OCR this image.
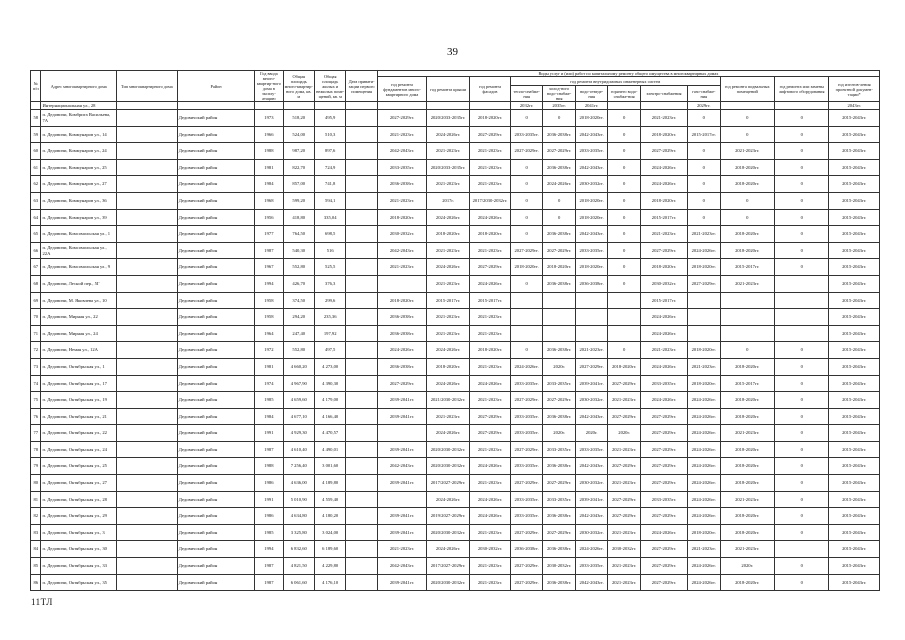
39
№ п/п	Адрес многоквартирного дома	Тип многоквартирного дома	Район	Год ввода много-квартир-ного дома в эксплу-атацию	Общая площадь много-квартир-ного дома, кв. м	Общая площадь жилых и нежилых поме-щений, кв. м	Дата привати-зации первого помещения	Виды услуг и (или) работ по капитальному ремонту общего имущества в многоквартирных домах											
								год ремонта фундаментов много-квартирного дома	год ремонта крыши	год ремонта фасадов	год ремонта внутридомовых инженерных систем						год ремонта подвальных помещений	год ремонта или замены лифтового оборудования	год изготов-ления проектной докумен-тации*
											тепло-снабже-ния	холод-ного водо-снабже-ния	водо-отведе-ния	горячего водо-снабже-ния	электро-снабжения	газо-снабже-ния			
	Интернациональная ул., 28										2032гг.	2035гг.	2041гг.			2029гг.			2043гг.
58	п. Дедовичи, Комбрига Васильева, 7А		Дедовичский район	1973	518,20	495,9		2027-2029гг.	2020/2033-2035гг.	2018-2020гг.	0	0	2018-2020гг.	0	2021-2023гг.	0	0	0	2015-2043гг.
59	п. Дедовичи, Коммунаров ул., 14		Дедовичский район	1966	524,00	510,3		2021-2023гг.	2024-2026гг.	2027-2029гг.	2033-2035гг.	2036-2038гг.	2042-2043гг.	0	2018-2020гг.	2015-2017гг.	0	0	2015-2043гг.
60	п. Дедовичи, Коммунаров ул., 24		Дедовичский район	1988	987,20	897,6		2042-2043гг.	2021-2023гг.	2021-2023гг.	2027-2029гг.	2027-2029гг.	2033-2035гг.	0	2027-2029гг.	0	2021-2023гг.	0	2015-2043гг.
61	п. Дедовичи, Коммунаров ул., 25		Дедовичский район	1981	822,70	724,9		2033-2035гг.	2020/2033-2035гг.	2021-2023гг.	0	2036-2038гг.	2042-2043гг.	0	2024-2026гг.	0	2018-2020гг.	0	2015-2043гг.
62	п. Дедовичи, Коммунаров ул., 27		Дедовичский район	1984	857,00	741,8		2036-2038гг.	2021-2023гг.	2021-2023гг.	0	2024-2026гг.	2030-2032гг.	0	2024-2026гг.	0	2018-2020гг.	0	2015-2043гг.
63	п. Дедовичи, Коммунаров ул., 36		Дедовичский район	1968	599,20	594,1		2021-2023гг.	2017г.	2017/2030-2032гг.	0	0	2018-2020гг.	0	2018-2020гг.	0	0	0	2015-2043гг.
64	п. Дедовичи, Коммунаров ул., 39		Дедовичский район	1956	418,80	335,04		2018-2020гг.	2024-2026гг.	2024-2026гг.	0	0	2018-2020гг.	0	2015-2017гг.	0	0	0	2015-2043гг.
65	п. Дедовичи, Комсомольская ул., 1		Дедовичский район	1977	764,50	698,5		2030-2032гг.	2018-2020гг.	2018-2020гг.	0	2036-2038гг.	2042-2043гг.	0	2021-2023гг.	2021-2023гг.	2018-2020гг.	0	2015-2043гг.
66	п. Дедовичи, Комсомольская ул., 22А		Дедовичский район	1987	540,30	516		2042-2043гг.	2021-2023гг.	2021-2023гг.	2027-2029гг.	2027-2029гг.	2033-2035гг.	0	2027-2029гг.	2024-2026гг.	2018-2020гг.	0	2015-2043гг.
67	п. Дедовичи, Комсомольская ул., 9		Дедовичский район	1967	552,80	525,5		2021-2023гг.	2024-2026гг.	2027-2029гг.	2018-2020гг.	2018-2020гг.	2018-2020гг.	0	2018-2020гг.	2018-2020гг.	2015-2017гг.	0	2015-2043гг.
68	п. Дедовичи, Лесной пер., 5Г		Дедовичский район	1994	426,70	376,3			2021-2023гг.	2024-2026гг.	0	2036-2038гг.	2036-2038гг.	0	2030-2032гг.	2027-2029гг.	2021-2023гг.		2015-2043гг.
69	п. Дедовичи, М. Яковлева ул., 10		Дедовичский район	1958	374,50	299,6		2018-2020гг.	2015-2017гг.	2015-2017гг.					2015-2017гг.				2015-2043гг.
70	п. Дедовичи, Мирная ул., 22		Дедовичский район	1958	294,20	235,36		2036-2038гг.	2021-2023гг.	2021-2023гг.					2024-2026гг.				2015-2043гг.
71	п. Дедовичи, Мирная ул., 24		Дедовичский район	1964	247,40	197,92		2036-2038гг.	2021-2023гг.	2021-2023гг.					2024-2026гг.				2015-2043гг.
72	п. Дедовичи, Немая ул., 12А		Дедовичский район	1972	552,80	497,5		2024-2026гг.	2024-2026гг.	2018-2020гг.	0	2036-2038гг.	2021-2023гг.	0	2021-2023гг.	2018-2020гг.	0	0	2015-2043гг.
73	п. Дедовичи, Октябрьская ул., 1		Дедовичский район	1981	4 660,20	4 273,00		2036-2038гг.	2018-2020гг.	2021-2023гг.	2024-2026гг.	2020г.	2027-2029гг.	2018-2020гг.	2024-2026гг.	2021-2023гг.	2018-2020гг.	0	2015-2043гг.
74	п. Дедовичи, Октябрьская ул., 17		Дедовичский район	1974	4 967,90	4 390,30		2027-2029гг.	2024-2026гг.	2024-2026гг.	2033-2035гг.	2033-2035гг.	2039-2041гг.	2027-2029гг.	2033-2035гг.	2018-2020гг.	2015-2017гг.	0	2015-2043гг.
75	п. Дедовичи, Октябрьская ул., 19		Дедовичский район	1985	4 659,60	4 179,00		2039-2041гг.	2021/2030-2032гг.	2021-2023гг.	2027-2029гг.	2027-2029гг.	2030-2032гг.	2021-2023гг.	2024-2026гг.	2024-2026гг.	2018-2020гг.	0	2015-2043гг.
76	п. Дедовичи, Октябрьская ул., 21		Дедовичский район	1984	4 677,10	4 166,40		2039-2041гг.	2021-2023гг.	2027-2029гг.	2033-2035гг.	2036-2038гг.	2042-2043гг.	2027-2029гг.	2027-2029гг.	2024-2026гг.	2018-2020гг.	0	2015-2043гг.
77	п. Дедовичи, Октябрьская ул., 22		Дедовичский район	1991	4 929,30	4 470,57			2024-2026гг.	2027-2029гг.	2033-2035гг.	2020г.	2020г.	2020г.	2027-2029гг.	2024-2026гг.	2021-2023гг.	0	2015-2043гг.
78	п. Дедовичи, Октябрьская ул., 24		Дедовичский район	1987	4 610,40	4 490,01		2039-2041гг.	2020/2030-2032гг.	2021-2023гг.	2027-2029гг.	2033-2035гг.	2033-2035гг.	2021-2023гг.	2027-2029гг.	2024-2026гг.	2018-2020гг.	0	2015-2043гг.
79	п. Дедовичи, Октябрьская ул., 25		Дедовичский район	1988	7 256,40	3 001,60		2042-2043гг.	2020/2030-2032гг.	2024-2026гг.	2033-2035гг.	2036-2038гг.	2042-2043гг.	2027-2029гг.	2027-2029гг.	2024-2026гг.	2018-2020гг.	0	2015-2043гг.
80	п. Дедовичи, Октябрьская ул., 27		Дедовичский район	1986	4 636,00	4 189,80		2039-2041гг.	2017/2027-2029гг.	2021-2023гг.	2027-2029гг.	2027-2029гг.	2030-2032гг.	2021-2023гг.	2027-2029гг.	2024-2026гг.	2018-2020гг.	0	2015-2043гг.
81	п. Дедовичи, Октябрьская ул., 28		Дедовичский район	1991	5 010,90	4 559,40			2024-2026гг.	2024-2026гг.	2033-2035гг.	2033-2035гг.	2039-2041гг.	2027-2029гг.	2033-2035гг.	2024-2026гг.	2021-2023гг.	0	2015-2043гг.
82	п. Дедовичи, Октябрьская ул., 29		Дедовичский район	1986	4 634,80	4 180,20		2039-2041гг.	2019/2027-2029гг.	2024-2026гг.	2033-2035гг.	2036-2038гг.	2042-2043гг.	2027-2029гг.	2027-2029гг.	2024-2026гг.	2018-2020гг.	0	2015-2043гг.
83	п. Дедовичи, Октябрьская ул., 3		Дедовичский район	1985	3 325,80	3 024,00		2039-2041гг.	2020/2030-2032гг.	2021-2023гг.	2027-2029гг.	2027-2029гг.	2030-2032гг.	2021-2023гг.	2024-2026гг.	2018-2020гг.	2018-2020гг.	0	2015-2043гг.
84	п. Дедовичи, Октябрьская ул., 30		Дедовичский район	1994	6 832,60	6 189,60		2021-2023гг.	2024-2026гг.	2030-2032гг.	2036-2038гг.	2036-2038гг.	2024-2026гг.	2030-2032гг.	2027-2029гг.	2021-2023гг.	2021-2023гг.		2015-2043гг.
85	п. Дедовичи, Октябрьская ул., 33		Дедовичский район	1987	4 821,50	4 229,80		2042-2043гг.	2017/2027-2029гг.	2021-2023гг.	2027-2029гг.	2030-2032гг.	2033-2035гг.	2021-2023гг.	2027-2029гг.	2024-2026гг.	2020г.	0	2015-2043гг.
86	п. Дедовичи, Октябрьская ул., 35		Дедовичский район	1987	6 061,60	4 176,10		2039-2041гг.	2020/2030-2032гг.	2021-2023гг.	2027-2029гг.	2036-2038гг.	2042-2043гг.	2021-2023гг.	2027-2029гг.	2024-2026гг.	2018-2020гг.	0	2015-2043гг.
11ТЛ
